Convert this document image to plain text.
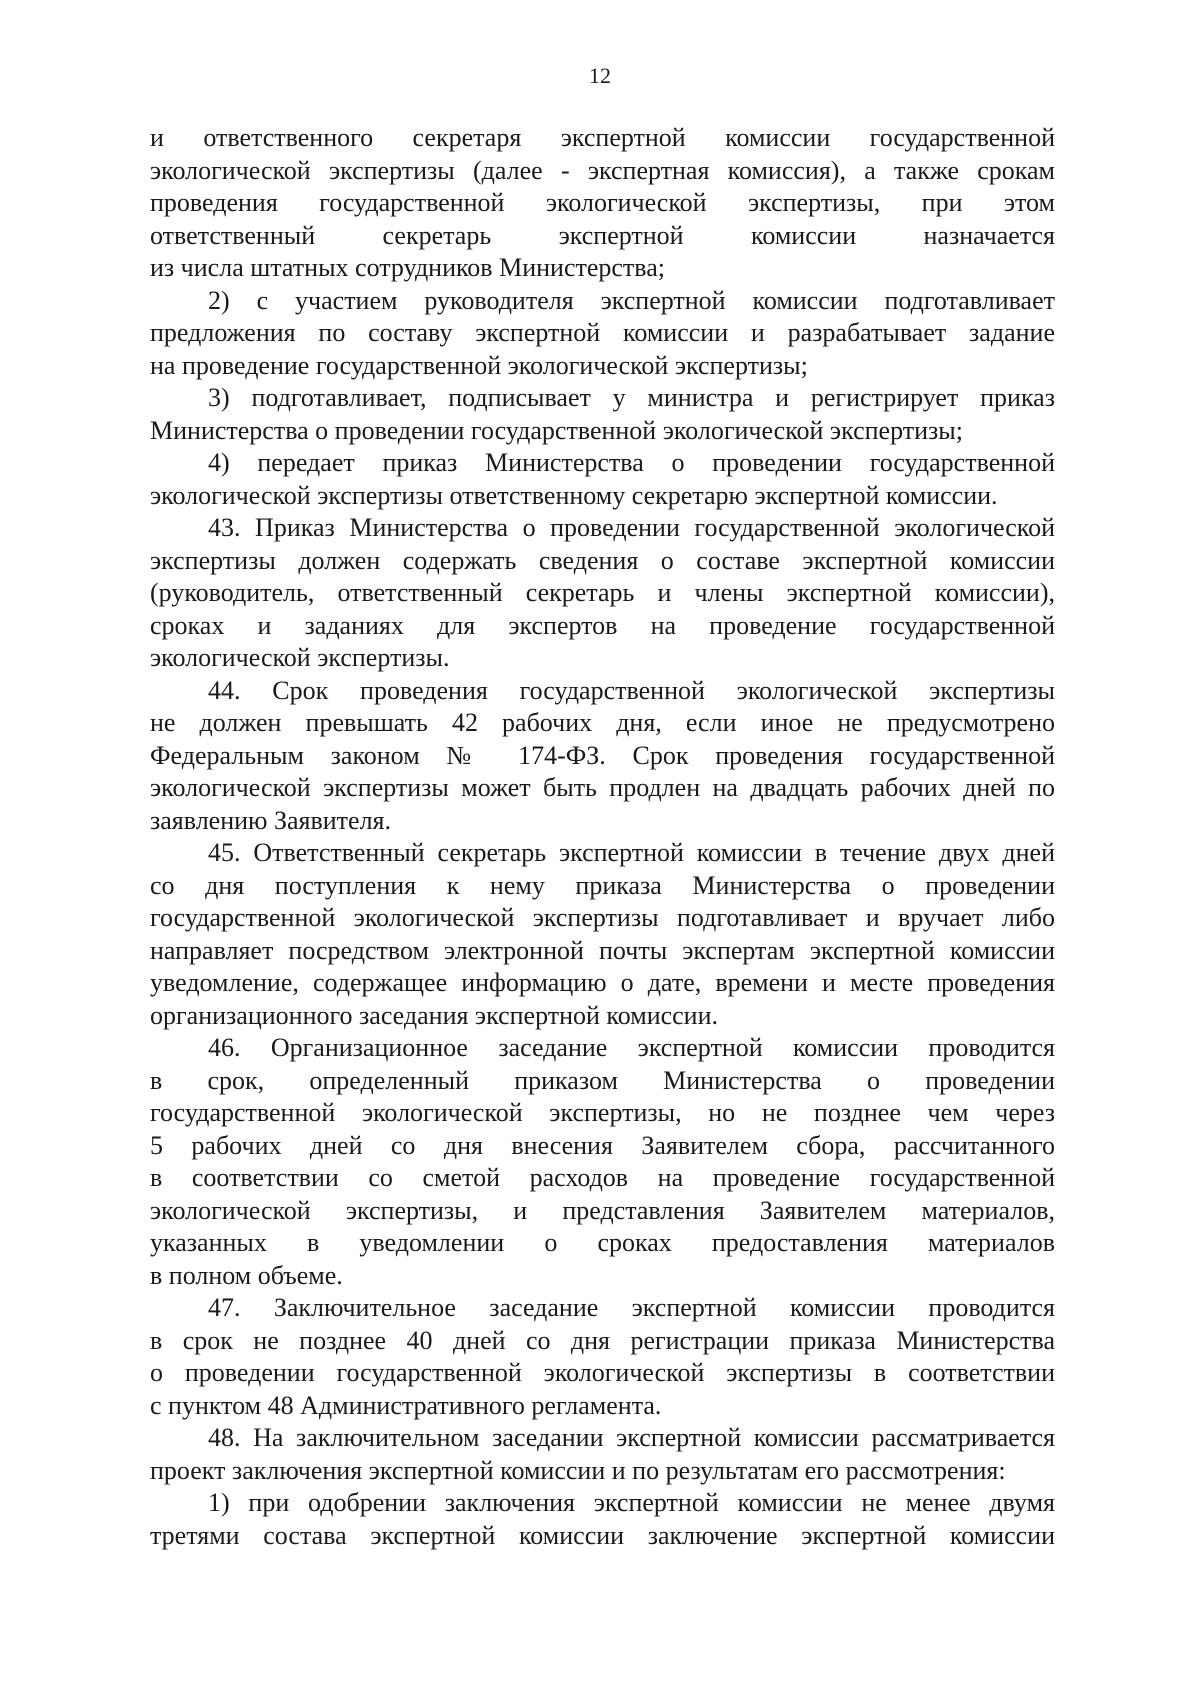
12

и ответственного секретаря экспертной комиссии государственной

экологической экспертизы (далее - экспертная комиссия), а также срокам

проведения государственной экологической экспертизы, при этом

ответственный секретарь экспертной комиссии назначается

из числа штатных сотрудников Министерства;

2) с участием руководителя экспертной комиссии подготавливает

предложения по составу экспертной комиссии и разрабатывает задание

на проведение государственной экологической экспертизы;

3) подготавливает, подписывает у министра и регистрирует приказ

Министерства о проведении государственной экологической экспертизы;

4) передает приказ Министерства о проведении государственной

экологической экспертизы ответственному секретарю экспертной комиссии.

43. Приказ Министерства о проведении государственной экологической

экспертизы должен содержать сведения о составе экспертной комиссии

(руководитель, ответственный секретарь и члены экспертной комиссии),

сроках и заданиях для экспертов на проведение государственной

экологической экспертизы.

44. Срок проведения государственной экологической экспертизы

не должен превышать 42 рабочих дня, если иное не предусмотрено

Федеральным законом № 174-ФЗ. Срок проведения государственной

экологической экспертизы может быть продлен на двадцать рабочих дней по

заявлению Заявителя.

45. Ответственный секретарь экспертной комиссии в течение двух дней

со дня поступления к нему приказа Министерства о проведении

государственной экологической экспертизы подготавливает и вручает либо

направляет посредством электронной почты экспертам экспертной комиссии

уведомление, содержащее информацию о дате, времени и месте проведения

организационного заседания экспертной комиссии.

46. Организационное заседание экспертной комиссии проводится

в срок, определенный приказом Министерства о проведении

государственной экологической экспертизы, но не позднее чем через

5 рабочих дней со дня внесения Заявителем сбора, рассчитанного

в соответствии со сметой расходов на проведение государственной

экологической экспертизы, и представления Заявителем материалов,

указанных в уведомлении о сроках предоставления материалов

в полном объеме.

47. Заключительное заседание экспертной комиссии проводится

в срок не позднее 40 дней со дня регистрации приказа Министерства

о проведении государственной экологической экспертизы в соответствии

с пунктом 48 Административного регламента.

48. На заключительном заседании экспертной комиссии рассматривается

проект заключения экспертной комиссии и по результатам его рассмотрения:

1) при одобрении заключения экспертной комиссии не менее двумя

третями состава экспертной комиссии заключение экспертной комиссии
